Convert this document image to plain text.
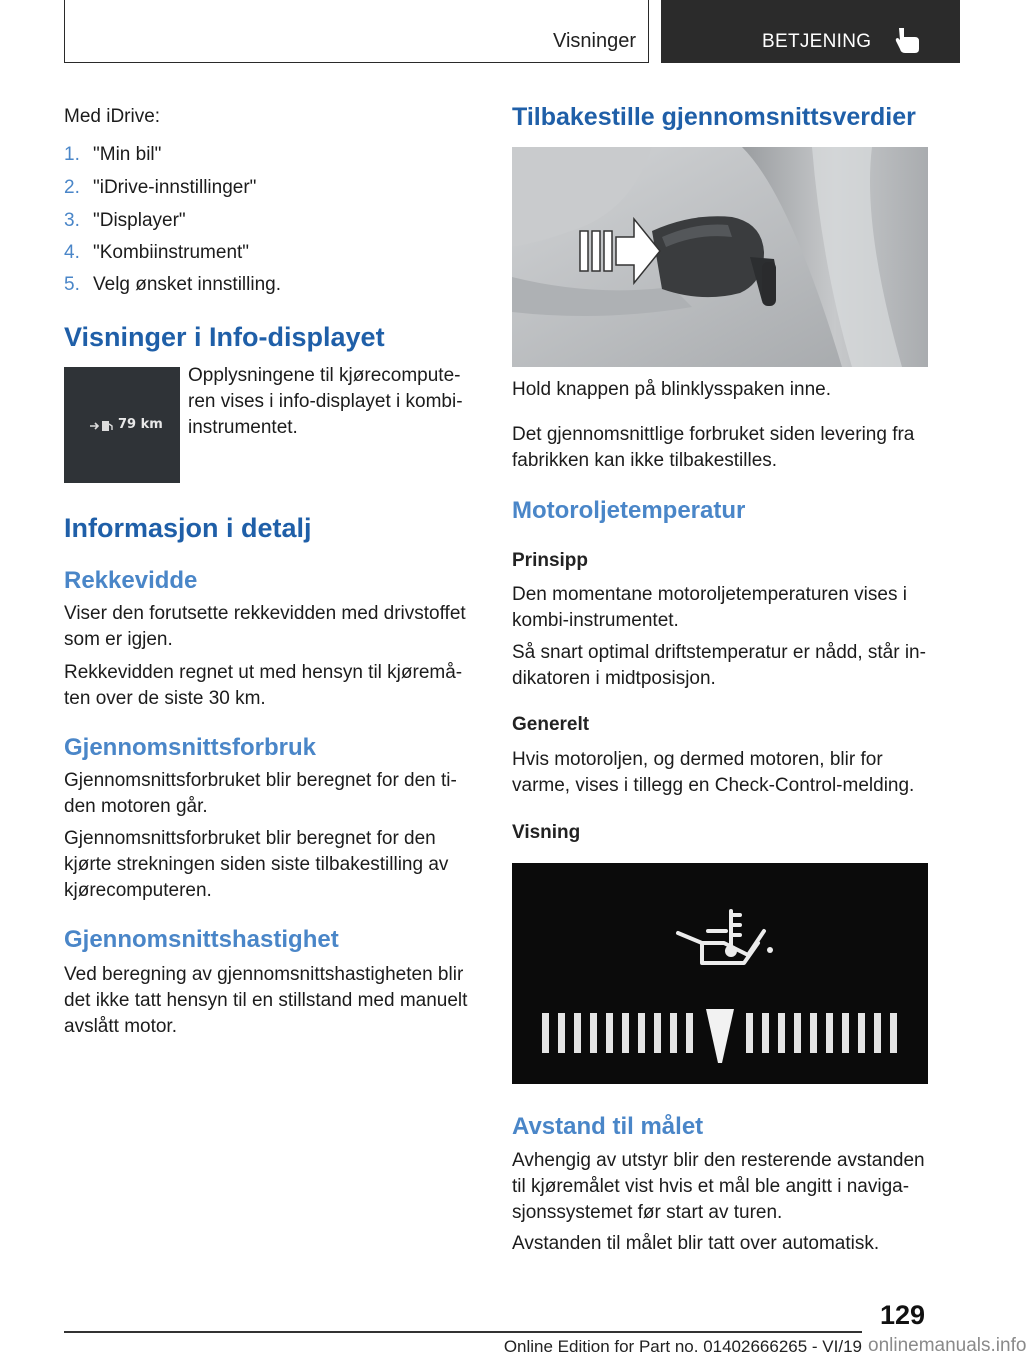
Visninger	BETJENING

Med iDrive:

1. "Min bil"
2. "iDrive-innstillinger"
3. "Displayer"
4. "Kombiinstrument"
5. Velg ønsket innstilling.

Visninger i Info-displayet

79 km

Opplysningene til kjørecompute-
ren vises i info-displayet i kombi-
instrumentet.

Informasjon i detalj

Rekkevidde

Viser den forutsette rekkevidden med drivstoffet
som er igjen.

Rekkevidden regnet ut med hensyn til kjøremå-
ten over de siste 30 km.

Gjennomsnittsforbruk

Gjennomsnittsforbruket blir beregnet for den ti-
den motoren går.

Gjennomsnittsforbruket blir beregnet for den
kjørte strekningen siden siste tilbakestilling av
kjørecomputeren.

Gjennomsnittshastighet

Ved beregning av gjennomsnittshastigheten blir
det ikke tatt hensyn til en stillstand med manuelt
avslått motor.

Tilbakestille gjennomsnittsverdier

Hold knappen på blinklysspaken inne.

Det gjennomsnittlige forbruket siden levering fra
fabrikken kan ikke tilbakestilles.

Motoroljetemperatur

Prinsipp

Den momentane motoroljetemperaturen vises i
kombi-instrumentet.

Så snart optimal driftstemperatur er nådd, står in-
dikatoren i midtposisjon.

Generelt

Hvis motoroljen, og dermed motoren, blir for
varme, vises i tillegg en Check-Control-melding.

Visning

Avstand til målet

Avhengig av utstyr blir den resterende avstanden
til kjøremålet vist hvis et mål ble angitt i naviga-
sjonssystemet før start av turen.

Avstanden til målet blir tatt over automatisk.

129
Online Edition for Part no. 01402666265 - VI/19 onlinemanuals.info
